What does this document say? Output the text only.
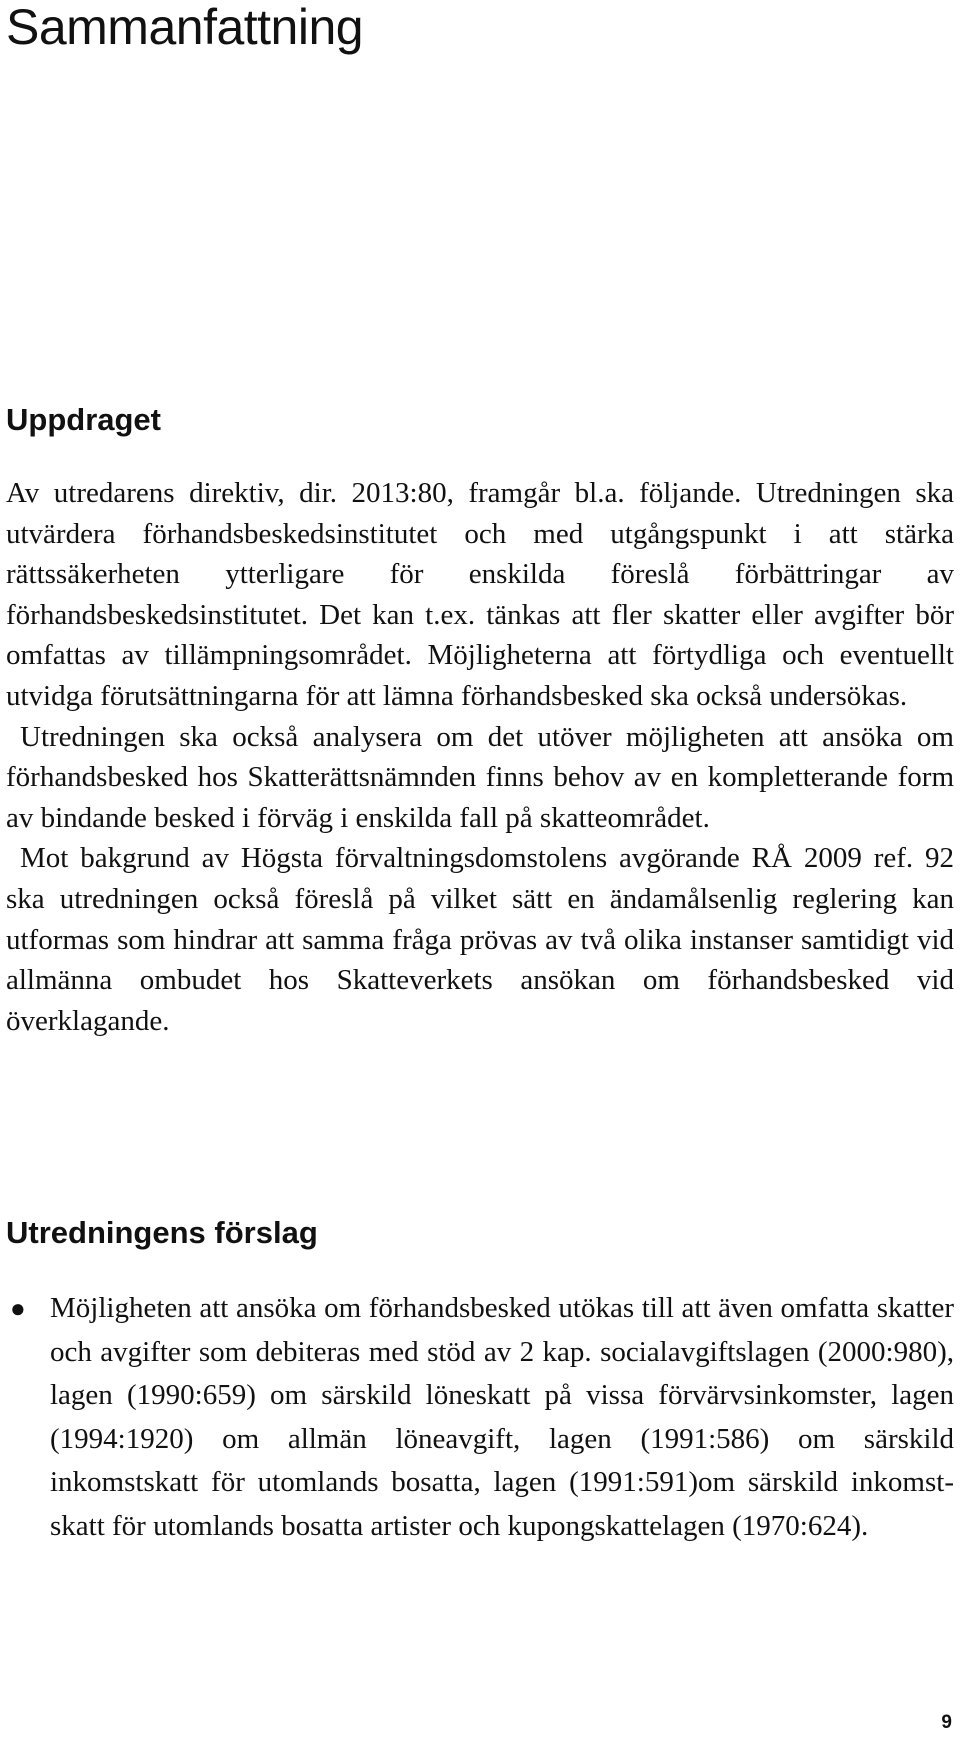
Sammanfattning
Uppdraget

Av utredarens direktiv, dir. 2013:80, framgår bl.a. följande. Utredningen ska utvärdera förhandsbeskedsinstitutet och med utgångspunkt i att stärka rättssäkerheten ytterligare för enskilda föreslå förbättringar av förhandsbeskedsinstitutet. Det kan t.ex. tänkas att fler skatter eller avgifter bör omfattas av tillämpningsområdet. Möjligheterna att förtydliga och eventuellt utvidga förutsättningarna för att lämna förhandsbesked ska också undersökas.

Utredningen ska också analysera om det utöver möjligheten att ansöka om förhandsbesked hos Skatterättsnämnden finns behov av en kompletterande form av bindande besked i förväg i enskilda fall på skatteområdet.

Mot bakgrund av Högsta förvaltningsdomstolens avgörande RÅ 2009 ref. 92 ska utredningen också föreslå på vilket sätt en ändamålsenlig reglering kan utformas som hindrar att samma fråga prövas av två olika instanser samtidigt vid allmänna ombudet hos Skatteverkets ansökan om förhandsbesked vid överklagande.

Utredningens förslag
● Möjligheten att ansöka om förhandsbesked utökas till att även omfatta skatter och avgifter som debiteras med stöd av 2 kap. socialavgiftslagen (2000:980), lagen (1990:659) om särskild löneskatt på vissa förvärvsinkomster, lagen (1994:1920) om allmän löneavgift, lagen (1991:586) om särskild inkomstskatt för utomlands bosatta, lagen (1991:591)om särskild inkomstskatt för utomlands bosatta artister och kupongskattelagen (1970:624).
9
